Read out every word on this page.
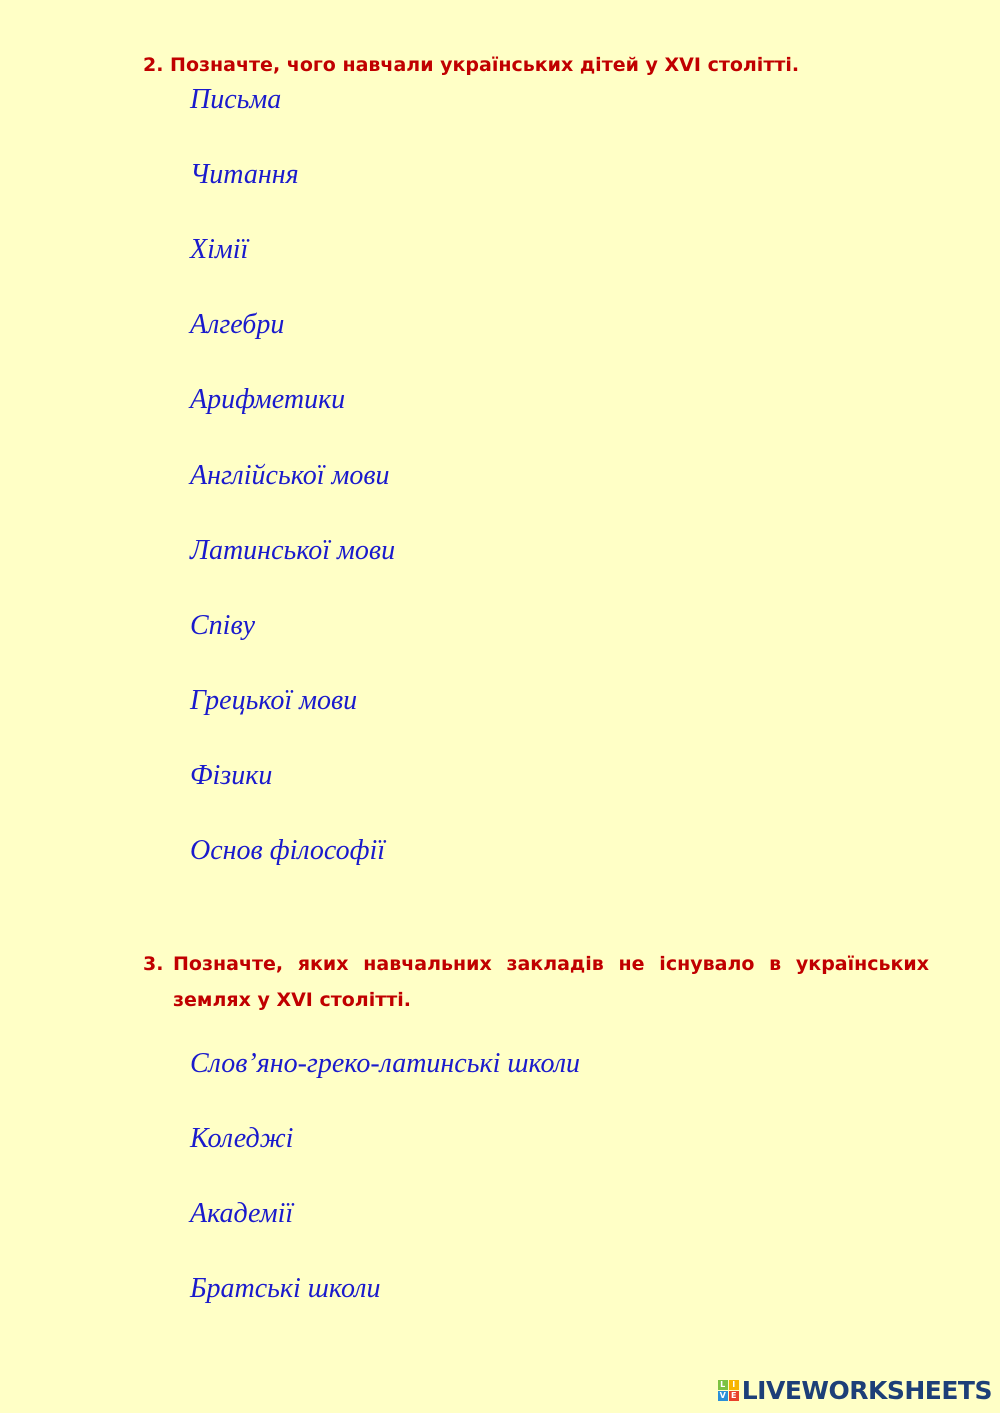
2. Позначте, чого навчали українських дітей у XVI столітті.
Письма
Читання
Хімії
Алгебри
Арифметики
Англійської мови
Латинської мови
Співу
Грецької мови
Фізики
Основ філософії
3. Позначте, яких навчальних закладів не існувало в українських землях у XVI столітті.
Слов’яно-греко-латинські школи
Коледжі
Академії
Братські школи
L I
V E LIVEWORKSHEETS
